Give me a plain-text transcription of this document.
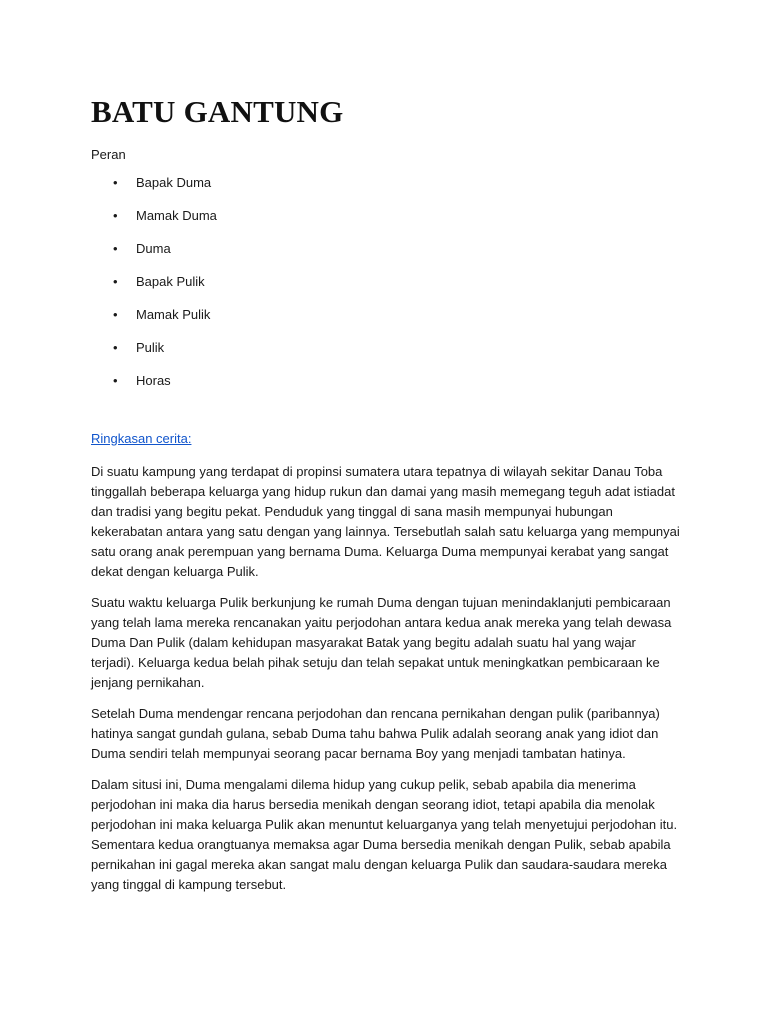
BATU GANTUNG
Peran
• Bapak Duma
• Mamak Duma
• Duma
• Bapak Pulik
• Mamak Pulik
• Pulik
• Horas
Ringkasan cerita:

Di suatu kampung yang terdapat di propinsi sumatera utara tepatnya di wilayah sekitar Danau Toba tinggallah beberapa keluarga yang hidup rukun dan damai yang masih memegang teguh adat istiadat dan tradisi yang begitu pekat. Penduduk yang tinggal di sana masih mempunyai hubungan kekerabatan antara yang satu dengan yang lainnya. Tersebutlah salah satu keluarga yang mempunyai satu orang anak perempuan yang bernama Duma. Keluarga Duma mempunyai kerabat yang sangat dekat dengan keluarga Pulik.

Suatu waktu keluarga Pulik berkunjung ke rumah Duma dengan tujuan menindaklanjuti pembicaraan yang telah lama mereka rencanakan yaitu perjodohan antara kedua anak mereka yang telah dewasa Duma Dan Pulik (dalam kehidupan masyarakat Batak yang begitu adalah suatu hal yang wajar terjadi). Keluarga kedua belah pihak setuju dan telah sepakat untuk meningkatkan pembicaraan ke jenjang pernikahan.

Setelah Duma mendengar rencana perjodohan dan rencana pernikahan dengan pulik (paribannya) hatinya sangat gundah gulana, sebab Duma tahu bahwa Pulik adalah seorang anak yang idiot dan Duma sendiri telah mempunyai seorang pacar bernama Boy yang menjadi tambatan hatinya.

Dalam situsi ini, Duma mengalami dilema hidup yang cukup pelik, sebab apabila dia menerima perjodohan ini maka dia harus bersedia menikah dengan seorang idiot, tetapi apabila dia menolak perjodohan ini maka keluarga Pulik akan menuntut keluarganya yang telah menyetujui perjodohan itu. Sementara kedua orangtuanya memaksa agar Duma bersedia menikah dengan Pulik, sebab apabila pernikahan ini gagal mereka akan sangat malu dengan keluarga Pulik dan saudara-saudara mereka yang tinggal di kampung tersebut.
